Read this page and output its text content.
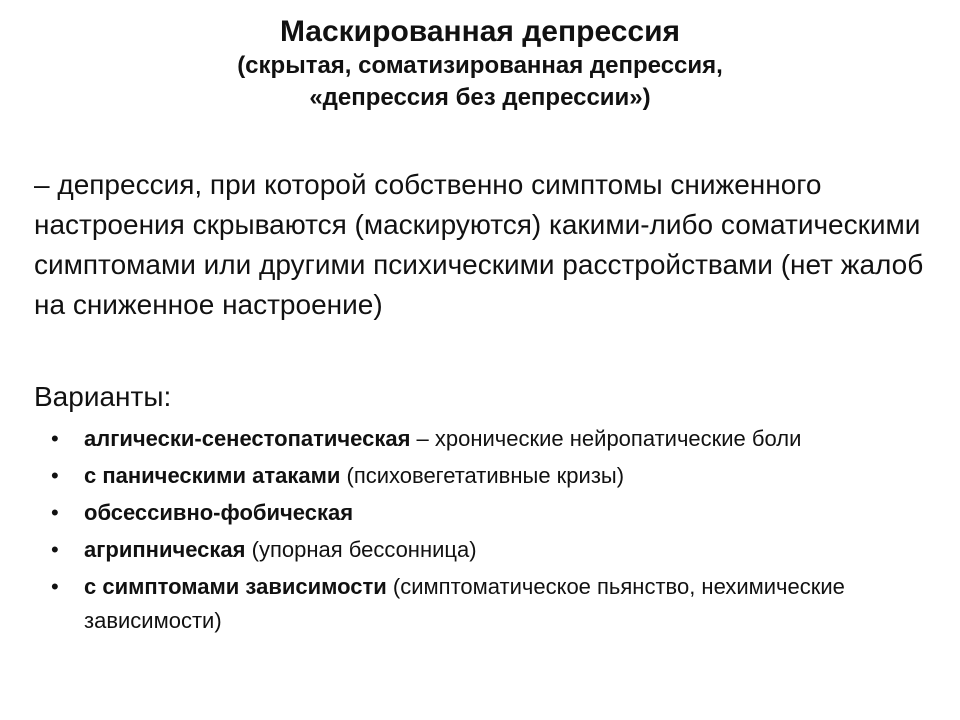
Маскированная депрессия

(скрытая, соматизированная депрессия,

«депрессия без депрессии»)

– депрессия, при которой собственно симптомы сниженного настроения скрываются (маскируются) какими-либо соматическими симптомами или другими психическими расстройствами (нет жалоб на сниженное настроение)

Варианты:

• алгически-сенестопатическая – хронические нейропатические боли
• с паническими атаками (психовегетативные кризы)
• обсессивно-фобическая
• агрипническая (упорная бессонница)
• с симптомами зависимости (симптоматическое пьянство, нехимические зависимости)
